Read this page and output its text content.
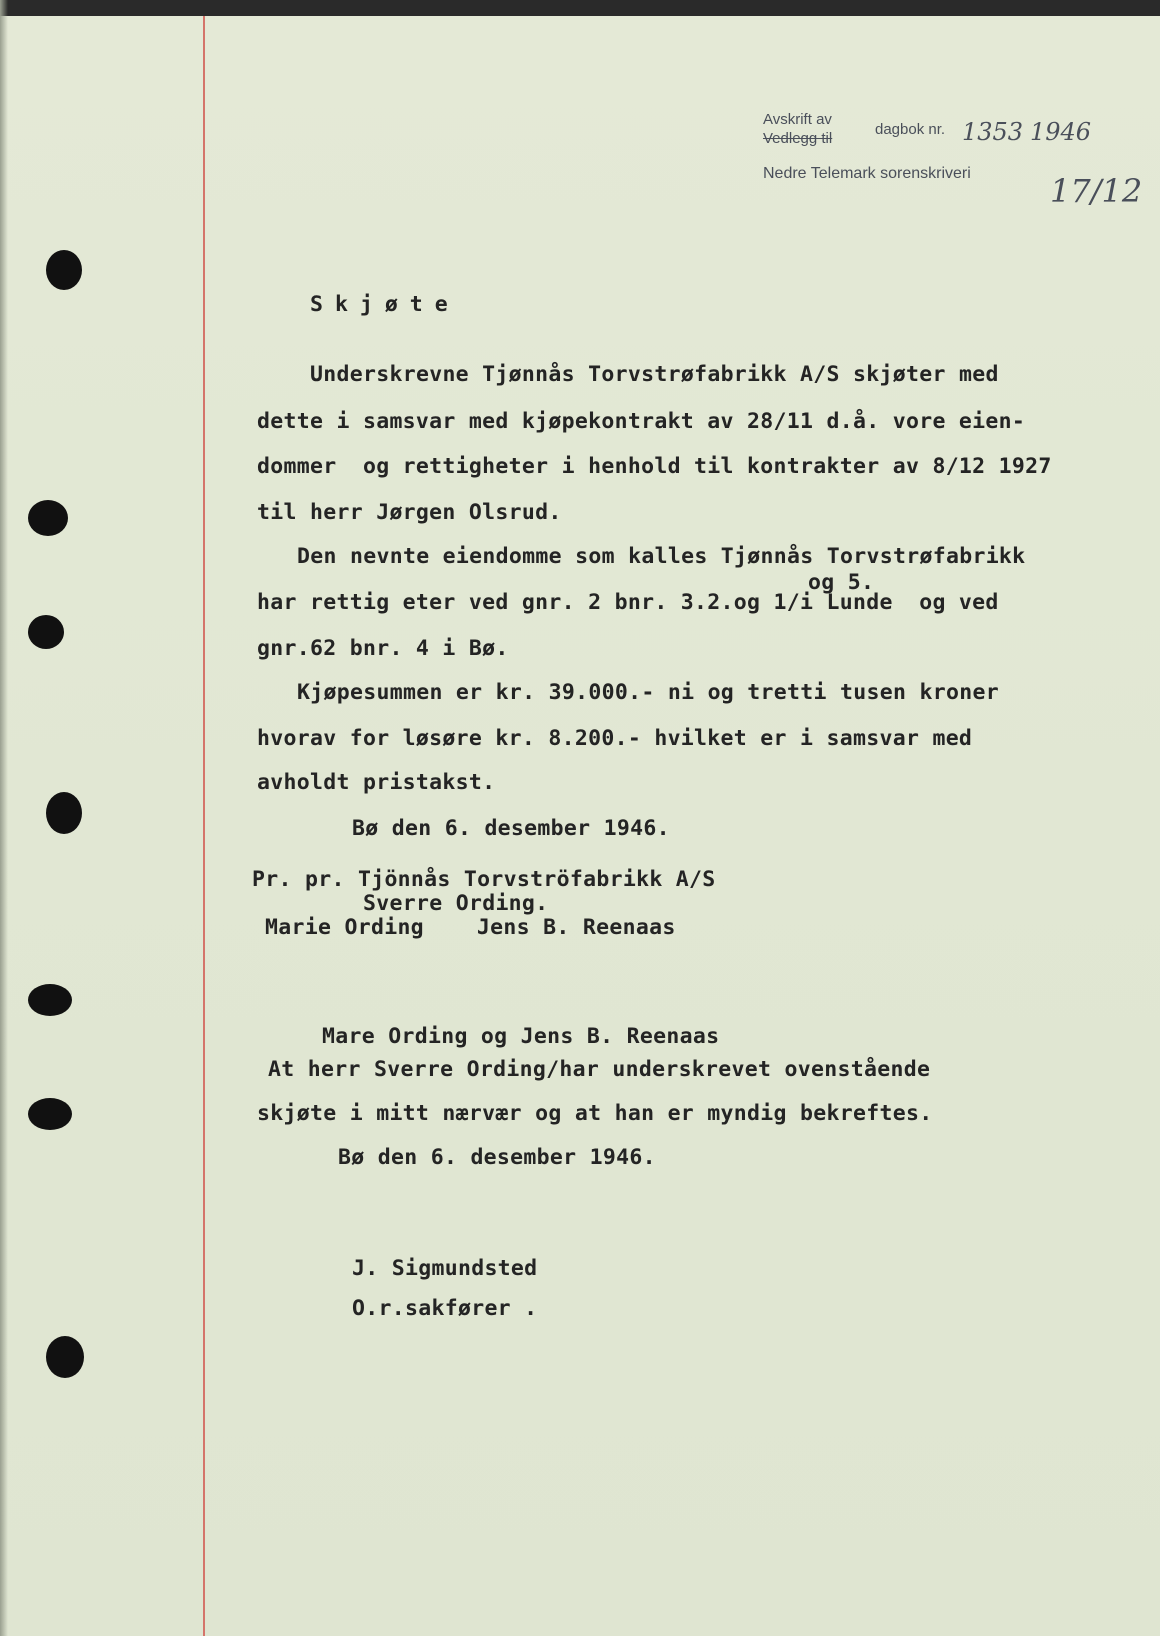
Avskrift av
Vedlegg til
dagbok nr. 1353 1946
Nedre Telemark sorenskriveri 17/12
Skjøte
Underskrevne Tjønnås Torvstrøfabrikk A/S skjøter med
dette i samsvar med kjøpekontrakt av 28/11 d.å. vore eien-
dommer  og rettigheter i henhold til kontrakter av 8/12 1927
til herr Jørgen Olsrud.
Den nevnte eiendomme som kalles Tjønnås Torvstrøfabrikk
og 5.
har rettig eter ved gnr. 2 bnr. 3.2.og 1/i Lunde  og ved
gnr.62 bnr. 4 i Bø.
Kjøpesummen er kr. 39.000.- ni og tretti tusen kroner
hvorav for løsøre kr. 8.200.- hvilket er i samsvar med
avholdt pristakst.
Bø den 6. desember 1946.
Pr. pr. Tjönnås Torvströfabrikk A/S
Sverre Ording.
Marie Ording    Jens B. Reenaas
Mare Ording og Jens B. Reenaas
At herr Sverre Ording/har underskrevet ovenstående
skjøte i mitt nærvær og at han er myndig bekreftes.
Bø den 6. desember 1946.
J. Sigmundsted
O.r.sakfører .
